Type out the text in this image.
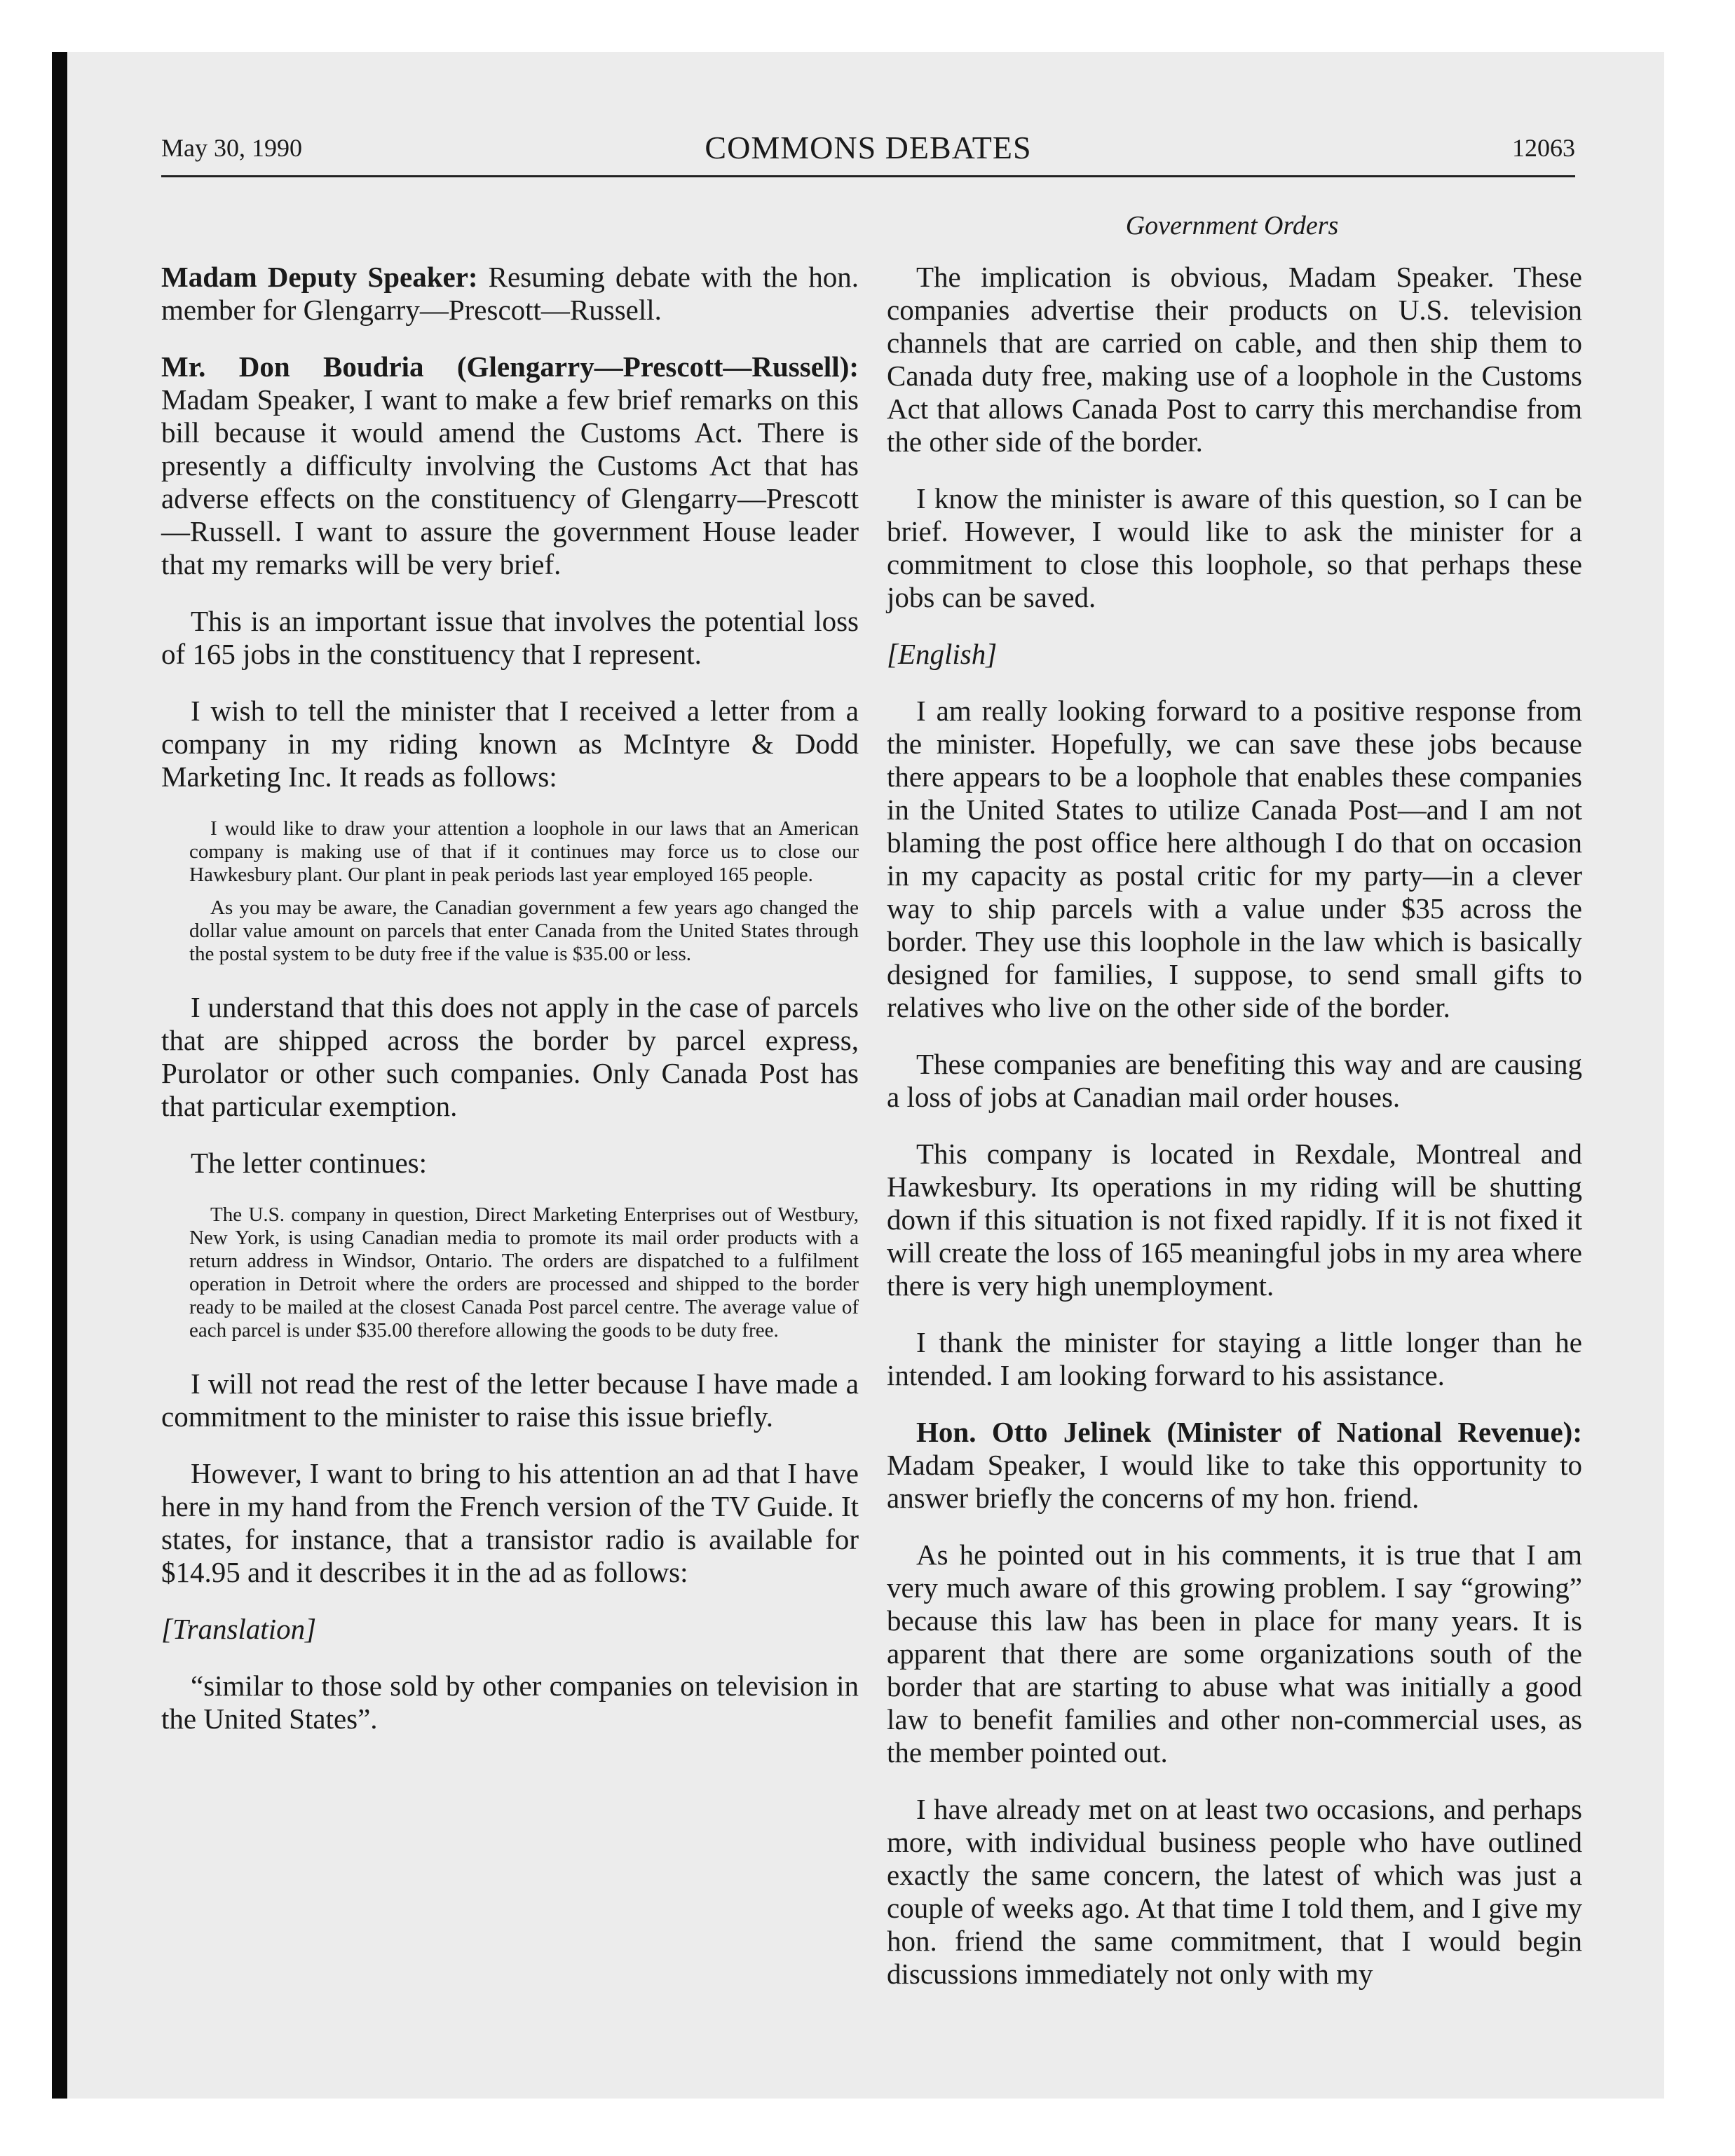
May 30, 1990	COMMONS DEBATES	12063
Government Orders

Madam Deputy Speaker: Resuming debate with the hon. member for Glengarry—Prescott—Russell.

Mr. Don Boudria (Glengarry—Prescott—Russell): Madam Speaker, I want to make a few brief remarks on this bill because it would amend the Customs Act. There is presently a difficulty involving the Customs Act that has adverse effects on the constituency of Glengarry—Prescott—Russell. I want to assure the government House leader that my remarks will be very brief.

This is an important issue that involves the potential loss of 165 jobs in the constituency that I represent.

I wish to tell the minister that I received a letter from a company in my riding known as McIntyre & Dodd Marketing Inc. It reads as follows:

I would like to draw your attention a loophole in our laws that an American company is making use of that if it continues may force us to close our Hawkesbury plant. Our plant in peak periods last year employed 165 people.

As you may be aware, the Canadian government a few years ago changed the dollar value amount on parcels that enter Canada from the United States through the postal system to be duty free if the value is $35.00 or less.

I understand that this does not apply in the case of parcels that are shipped across the border by parcel express, Purolator or other such companies. Only Canada Post has that particular exemption.

The letter continues:

The U.S. company in question, Direct Marketing Enterprises out of Westbury, New York, is using Canadian media to promote its mail order products with a return address in Windsor, Ontario. The orders are dispatched to a fulfilment operation in Detroit where the orders are processed and shipped to the border ready to be mailed at the closest Canada Post parcel centre. The average value of each parcel is under $35.00 therefore allowing the goods to be duty free.

I will not read the rest of the letter because I have made a commitment to the minister to raise this issue briefly.

However, I want to bring to his attention an ad that I have here in my hand from the French version of the TV Guide. It states, for instance, that a transistor radio is available for $14.95 and it describes it in the ad as follows:

[Translation]

“similar to those sold by other companies on television in the United States”.

The implication is obvious, Madam Speaker. These companies advertise their products on U.S. television channels that are carried on cable, and then ship them to Canada duty free, making use of a loophole in the Customs Act that allows Canada Post to carry this merchandise from the other side of the border.

I know the minister is aware of this question, so I can be brief. However, I would like to ask the minister for a commitment to close this loophole, so that perhaps these jobs can be saved.

[English]

I am really looking forward to a positive response from the minister. Hopefully, we can save these jobs because there appears to be a loophole that enables these companies in the United States to utilize Canada Post—and I am not blaming the post office here although I do that on occasion in my capacity as postal critic for my party—in a clever way to ship parcels with a value under $35 across the border. They use this loophole in the law which is basically designed for families, I suppose, to send small gifts to relatives who live on the other side of the border.

These companies are benefiting this way and are causing a loss of jobs at Canadian mail order houses.

This company is located in Rexdale, Montreal and Hawkesbury. Its operations in my riding will be shutting down if this situation is not fixed rapidly. If it is not fixed it will create the loss of 165 meaningful jobs in my area where there is very high unemployment.

I thank the minister for staying a little longer than he intended. I am looking forward to his assistance.

Hon. Otto Jelinek (Minister of National Revenue): Madam Speaker, I would like to take this opportunity to answer briefly the concerns of my hon. friend.

As he pointed out in his comments, it is true that I am very much aware of this growing problem. I say “growing” because this law has been in place for many years. It is apparent that there are some organizations south of the border that are starting to abuse what was initially a good law to benefit families and other non-commercial uses, as the member pointed out.

I have already met on at least two occasions, and perhaps more, with individual business people who have outlined exactly the same concern, the latest of which was just a couple of weeks ago. At that time I told them, and I give my hon. friend the same commitment, that I would begin discussions immediately not only with my
